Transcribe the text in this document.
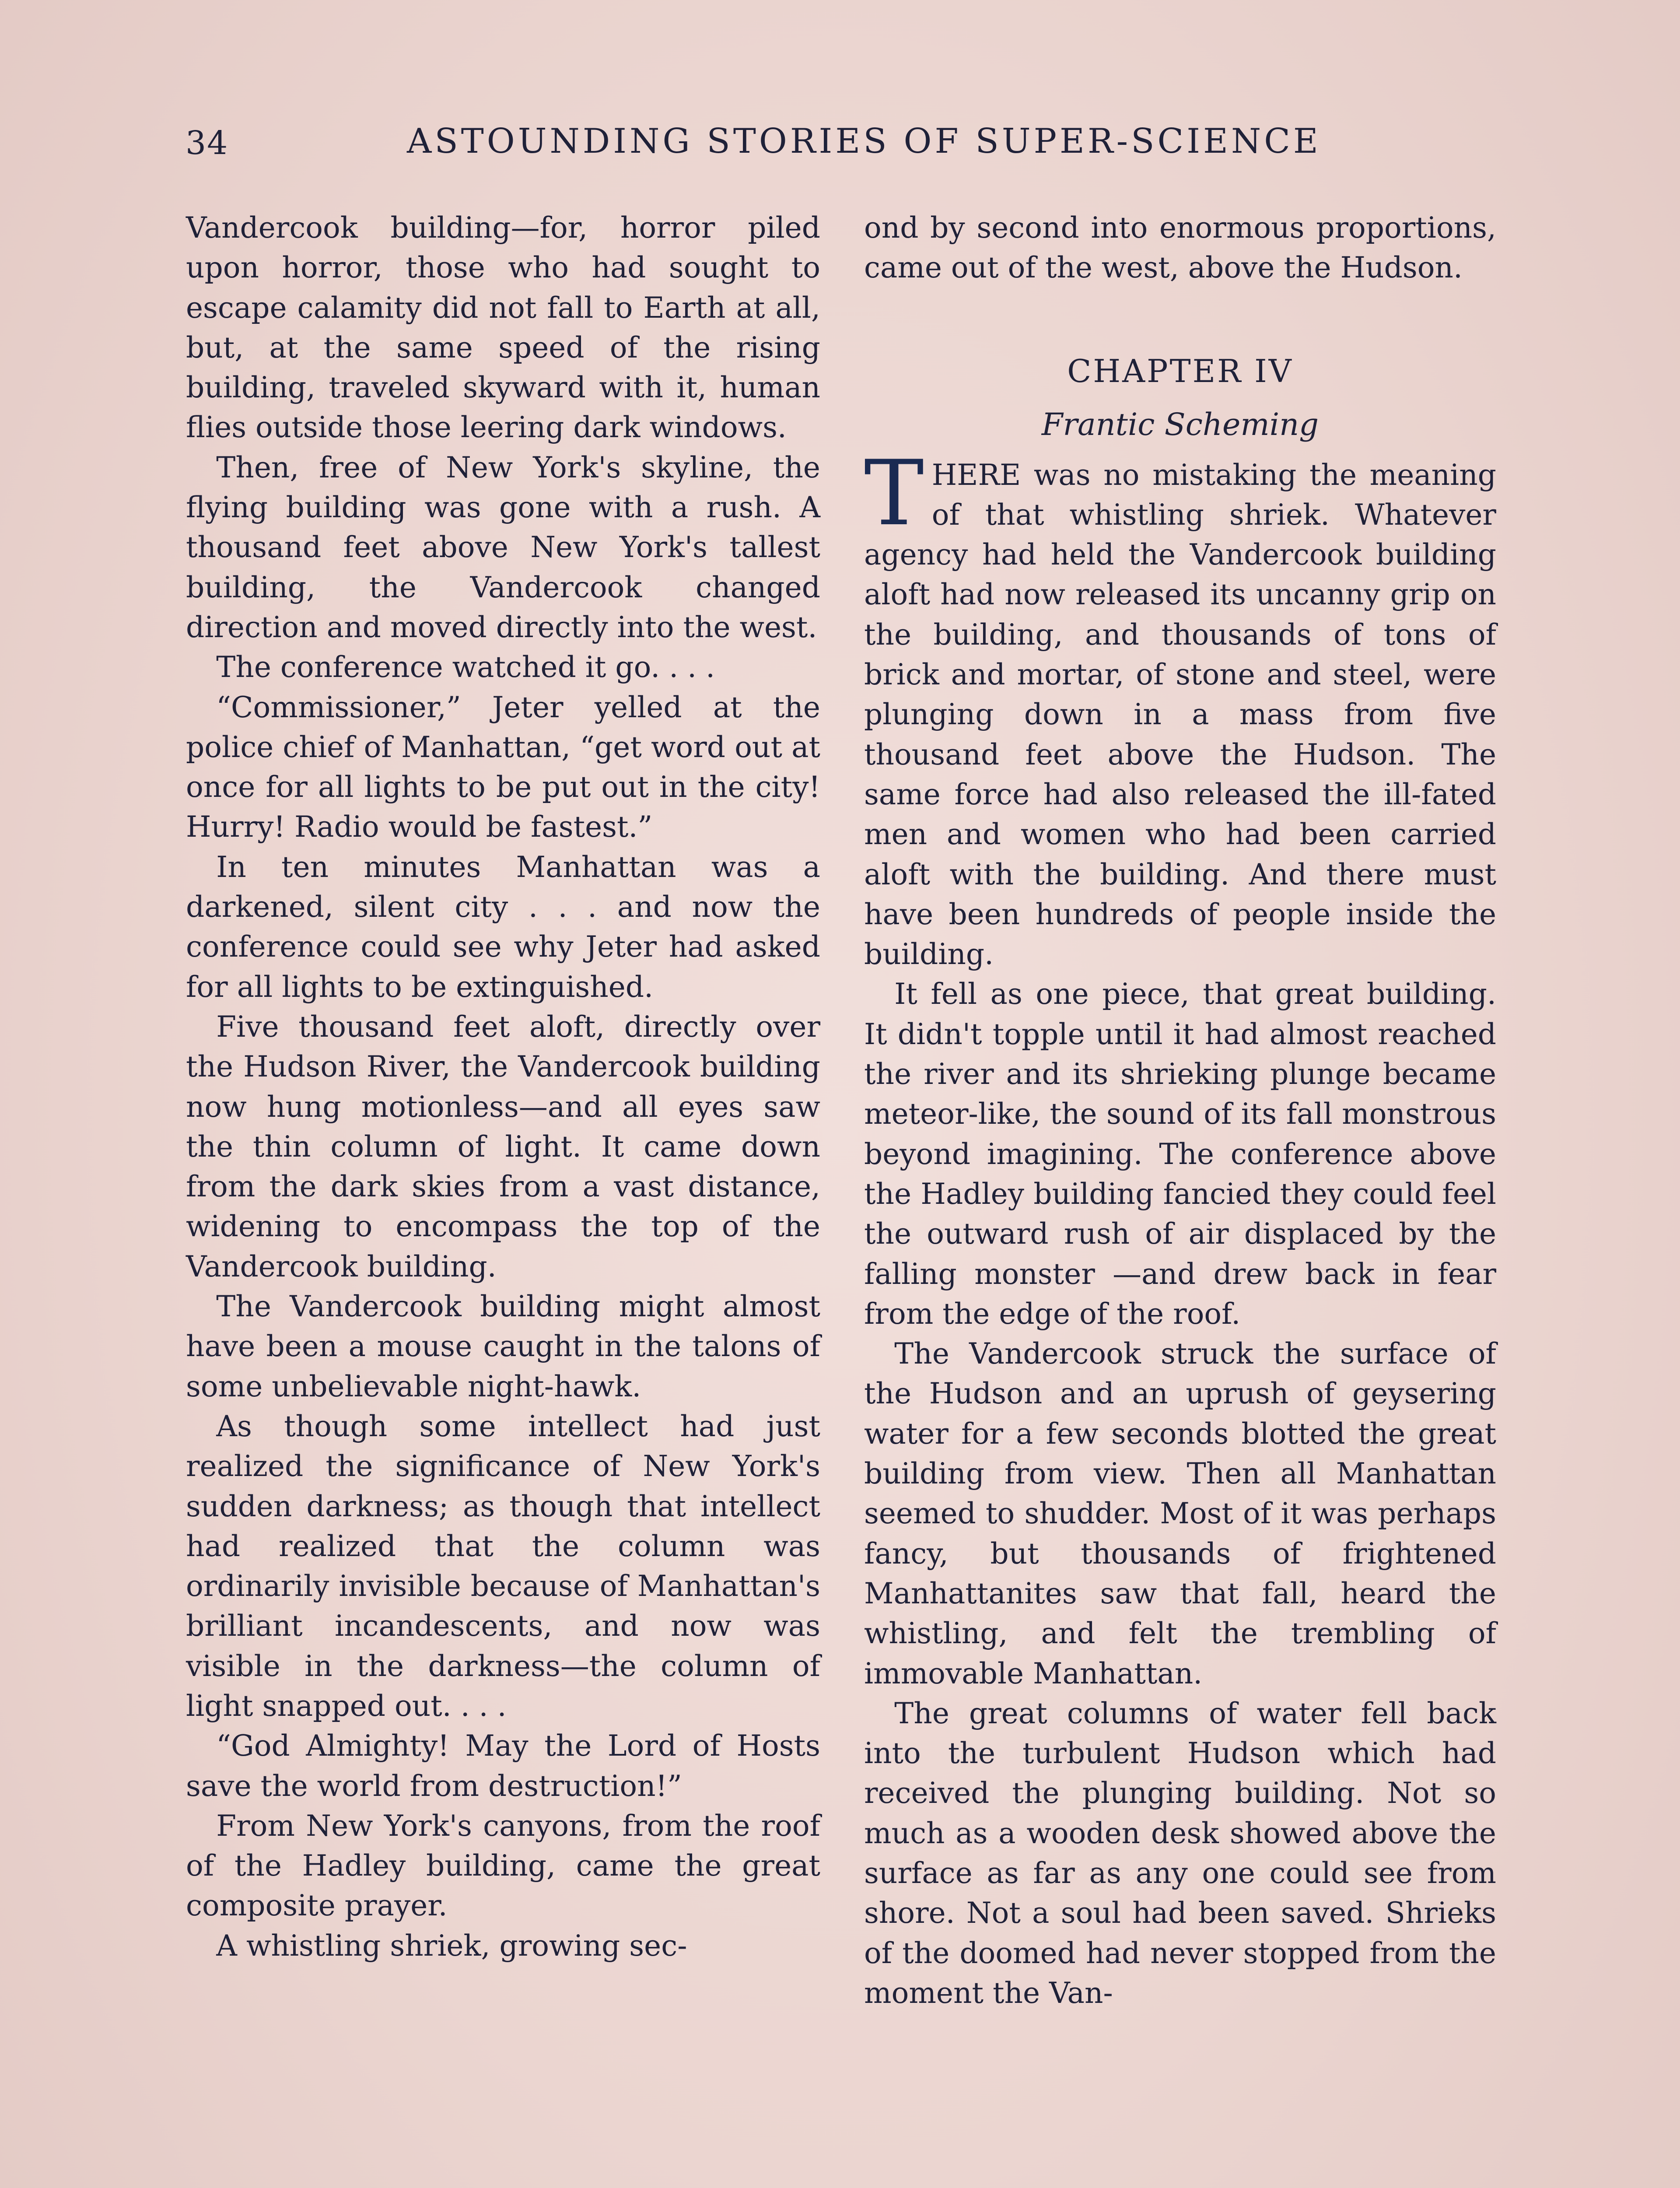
34	ASTOUNDING STORIES OF SUPER-SCIENCE

Vandercook building—for, horror piled upon horror, those who had sought to escape calamity did not fall to Earth at all, but, at the same speed of the rising building, traveled skyward with it, human flies outside those leering dark windows.

Then, free of New York's skyline, the flying building was gone with a rush. A thousand feet above New York's tallest building, the Vandercook changed direction and moved directly into the west.

The conference watched it go. . . .

“Commissioner,” Jeter yelled at the police chief of Manhattan, “get word out at once for all lights to be put out in the city! Hurry! Radio would be fastest.”

In ten minutes Manhattan was a darkened, silent city . . . and now the conference could see why Jeter had asked for all lights to be extinguished.

Five thousand feet aloft, directly over the Hudson River, the Vandercook building now hung motionless—and all eyes saw the thin column of light. It came down from the dark skies from a vast distance, widening to encompass the top of the Vandercook building.

The Vandercook building might almost have been a mouse caught in the talons of some unbelievable night-hawk.

As though some intellect had just realized the significance of New York's sudden darkness; as though that intellect had realized that the column was ordinarily invisible because of Manhattan's brilliant incandescents, and now was visible in the darkness—the column of light snapped out. . . .

“God Almighty! May the Lord of Hosts save the world from destruction!”

From New York's canyons, from the roof of the Hadley building, came the great composite prayer.

A whistling shriek, growing sec-

ond by second into enormous proportions, came out of the west, above the Hudson.

CHAPTER IV
Frantic Scheming

THERE was no mistaking the meaning of that whistling shriek. Whatever agency had held the Vandercook building aloft had now released its uncanny grip on the building, and thousands of tons of brick and mortar, of stone and steel, were plunging down in a mass from five thousand feet above the Hudson. The same force had also released the ill-fated men and women who had been carried aloft with the building. And there must have been hundreds of people inside the building.

It fell as one piece, that great building. It didn't topple until it had almost reached the river and its shrieking plunge became meteor-like, the sound of its fall monstrous beyond imagining. The conference above the Hadley building fancied they could feel the outward rush of air displaced by the falling monster —and drew back in fear from the edge of the roof.

The Vandercook struck the surface of the Hudson and an uprush of geysering water for a few seconds blotted the great building from view. Then all Manhattan seemed to shudder. Most of it was perhaps fancy, but thousands of frightened Manhattanites saw that fall, heard the whistling, and felt the trembling of immovable Manhattan.

The great columns of water fell back into the turbulent Hudson which had received the plunging building. Not so much as a wooden desk showed above the surface as far as any one could see from shore. Not a soul had been saved. Shrieks of the doomed had never stopped from the moment the Van-
